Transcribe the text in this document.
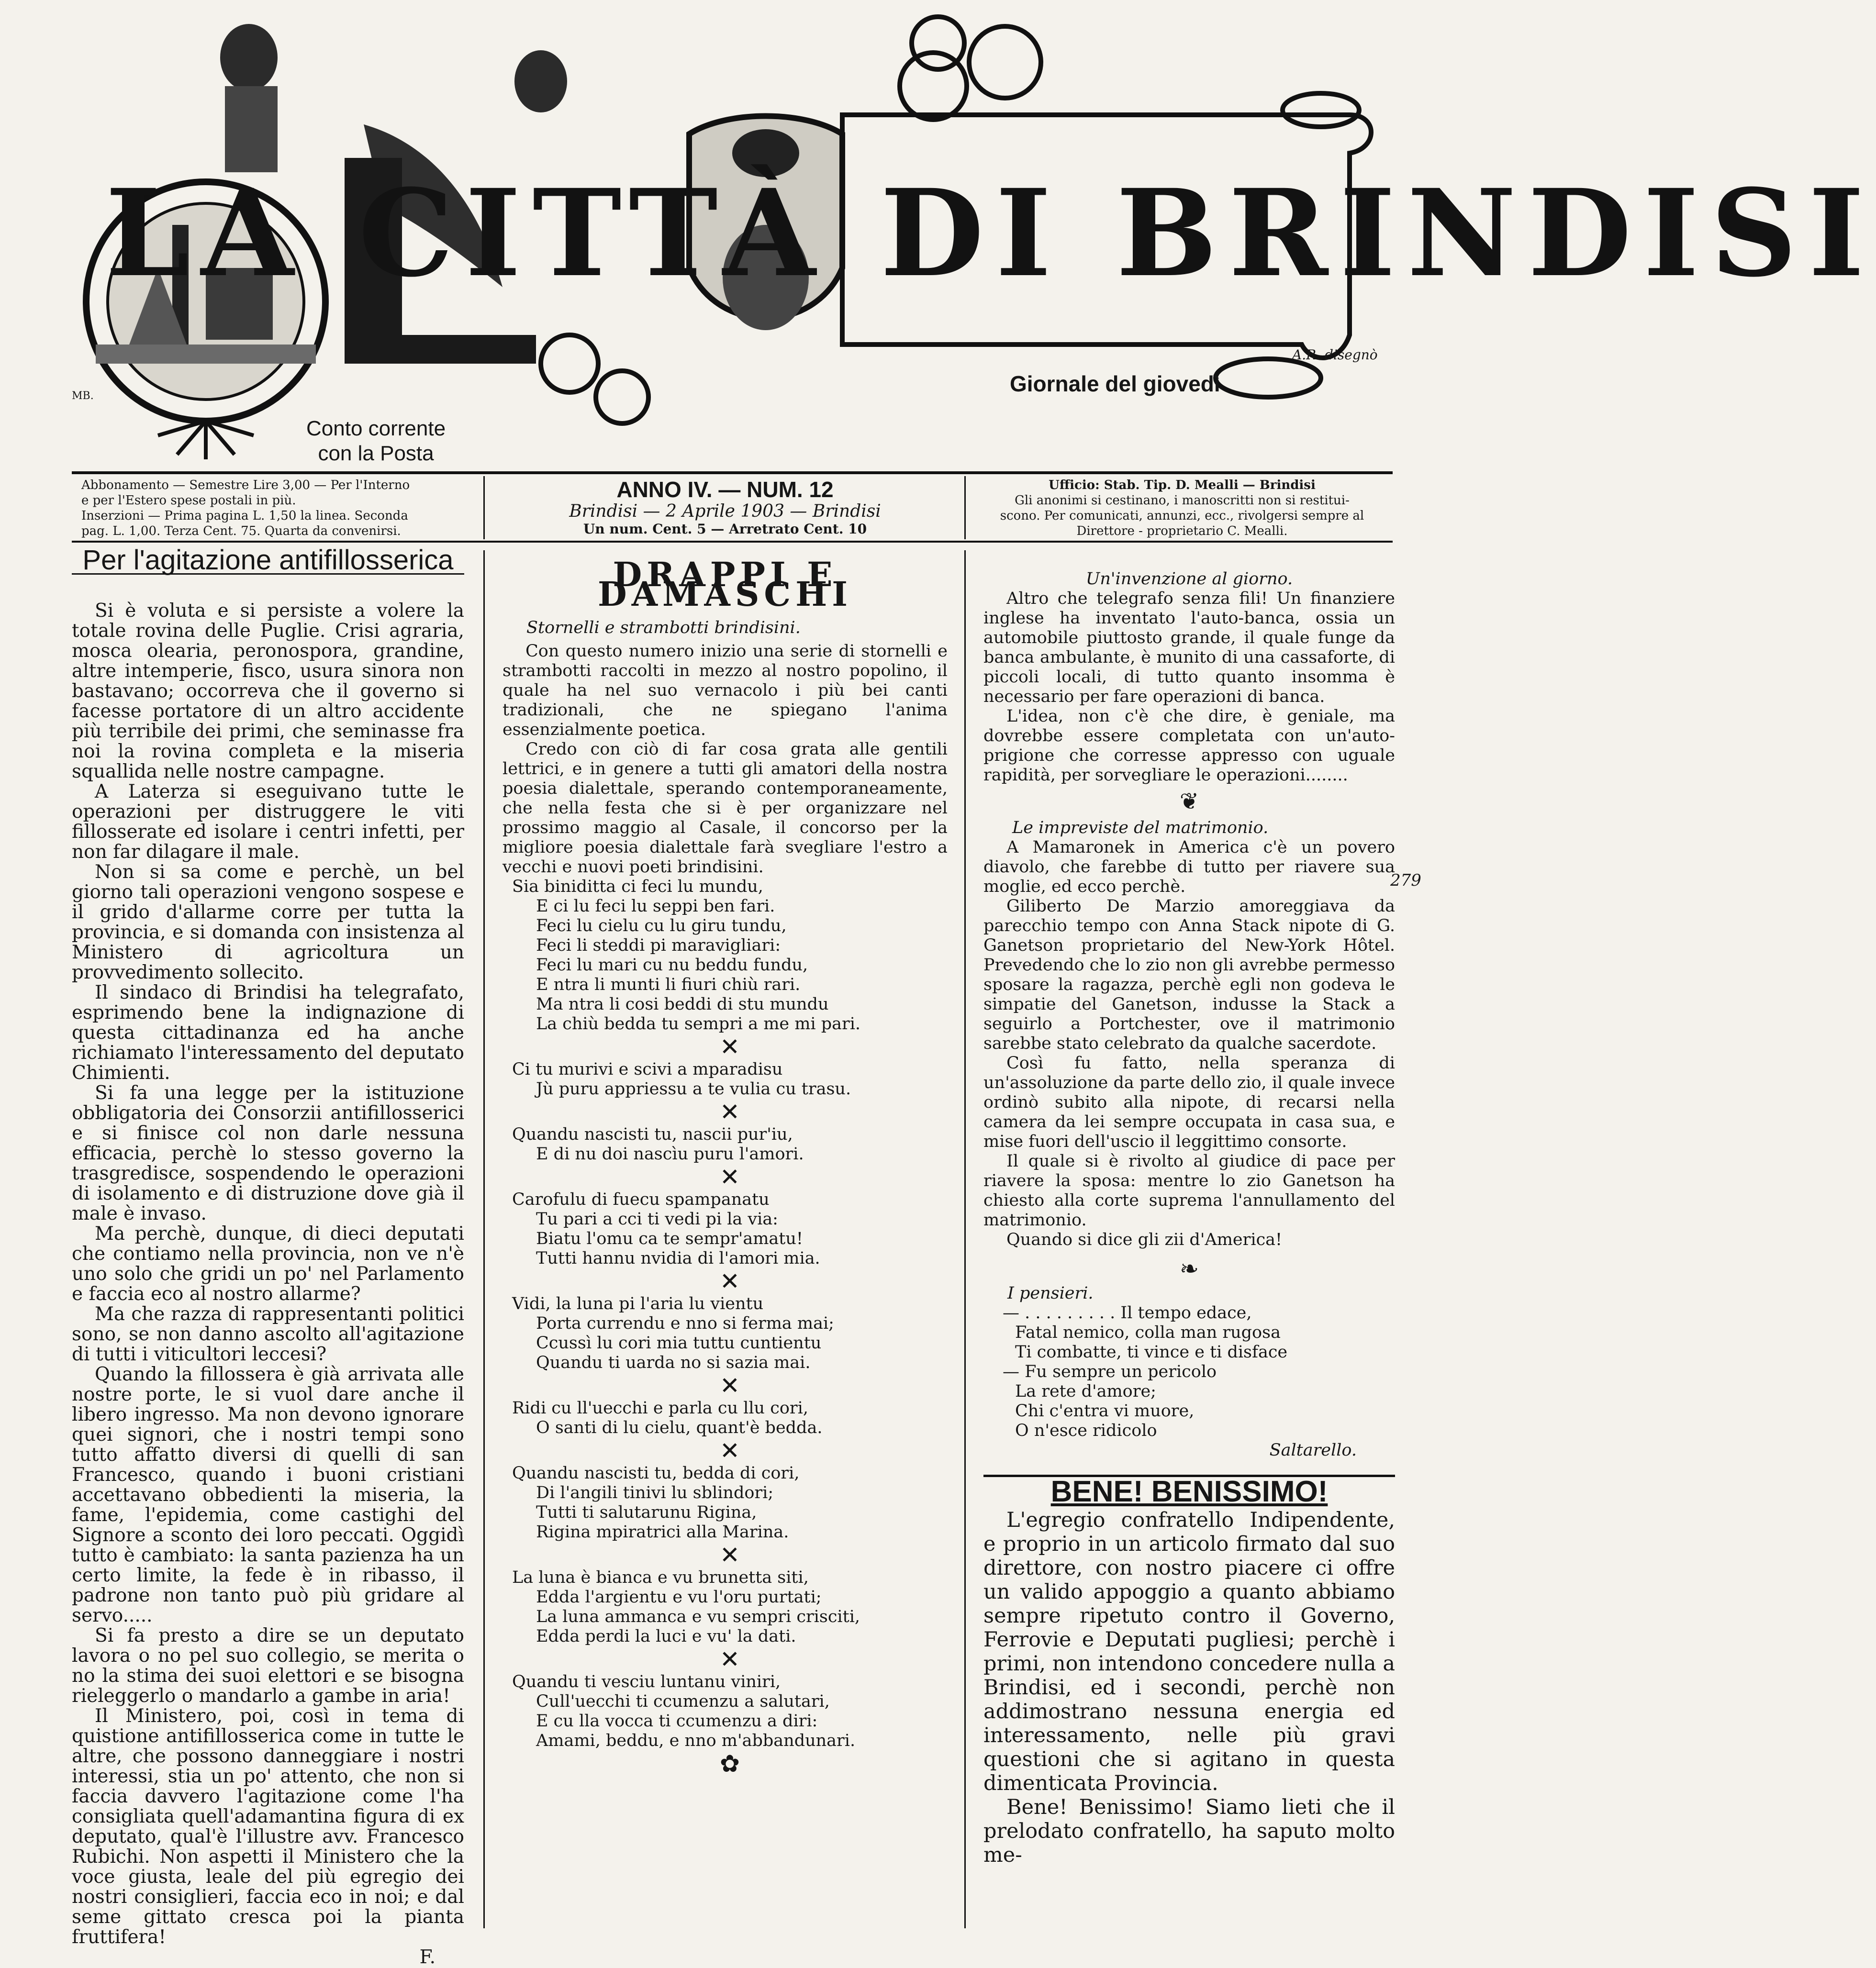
LA CITTÀ DI BRINDISI
Giornale del giovedì
A.R. disegnò
MB.
Conto corrente
con la Posta
Abbonamento — Semestre Lire 3,00 — Per l'Interno
e per l'Estero spese postali in più.
Inserzioni — Prima pagina L. 1,50 la linea. Seconda
pag. L. 1,00. Terza Cent. 75. Quarta da convenirsi.
ANNO IV. — NUM. 12
Brindisi — 2 Aprile 1903 — Brindisi
Un num. Cent. 5 — Arretrato Cent. 10
Ufficio: Stab. Tip. D. Mealli — Brindisi
Gli anonimi si cestinano, i manoscritti non si restitui-
scono. Per comunicati, annunzi, ecc., rivolgersi sempre al
Direttore - proprietario C. Mealli.
Per l'agitazione antifillosserica

Si è voluta e si persiste a volere la totale rovina delle Puglie. Crisi agraria, mosca olearia, peronospora, grandine, altre intemperie, fisco, usura sinora non bastavano; occorreva che il governo si facesse portatore di un altro accidente più terribile dei primi, che seminasse fra noi la rovina completa e la miseria squallida nelle nostre campagne.

A Laterza si eseguivano tutte le operazioni per distruggere le viti fillosserate ed isolare i centri infetti, per non far dilagare il male.

Non si sa come e perchè, un bel giorno tali operazioni vengono sospese e il grido d'allarme corre per tutta la provincia, e si domanda con insistenza al Ministero di agricoltura un provvedimento sollecito.

Il sindaco di Brindisi ha telegrafato, esprimendo bene la indignazione di questa cittadinanza ed ha anche richiamato l'interessamento del deputato Chimienti.

Si fa una legge per la istituzione obbligatoria dei Consorzii antifillosserici e si finisce col non darle nessuna efficacia, perchè lo stesso governo la trasgredisce, sospendendo le operazioni di isolamento e di distruzione dove già il male è invaso.

Ma perchè, dunque, di dieci deputati che contiamo nella provincia, non ve n'è uno solo che gridi un po' nel Parlamento e faccia eco al nostro allarme?

Ma che razza di rappresentanti politici sono, se non danno ascolto all'agitazione di tutti i viticultori leccesi?

Quando la fillossera è già arrivata alle nostre porte, le si vuol dare anche il libero ingresso. Ma non devono ignorare quei signori, che i nostri tempi sono tutto affatto diversi di quelli di san Francesco, quando i buoni cristiani accettavano obbedienti la miseria, la fame, l'epidemia, come castighi del Signore a sconto dei loro peccati. Oggidì tutto è cambiato: la santa pazienza ha un certo limite, la fede è in ribasso, il padrone non tanto può più gridare al servo.....

Si fa presto a dire se un deputato lavora o no pel suo collegio, se merita o no la stima dei suoi elettori e se bisogna rieleggerlo o mandarlo a gambe in aria!

Il Ministero, poi, così in tema di quistione antifillosserica come in tutte le altre, che possono danneggiare i nostri interessi, stia un po' attento, che non si faccia davvero l'agitazione come l'ha consigliata quell'adamantina figura di ex deputato, qual'è l'illustre avv. Francesco Rubichi. Non aspetti il Ministero che la voce giusta, leale del più egregio dei nostri consiglieri, faccia eco in noi; e dal seme gittato cresca poi la pianta fruttifera!

F.
DRAPPI E DAMASCHI
Stornelli e strambotti brindisini.

Con questo numero inizio una serie di stornelli e strambotti raccolti in mezzo al nostro popolino, il quale ha nel suo vernacolo i più bei canti tradizionali, che ne spiegano l'anima essenzialmente poetica.

Credo con ciò di far cosa grata alle gentili lettrici, e in genere a tutti gli amatori della nostra poesia dialettale, sperando contemporaneamente, che nella festa che si è per organizzare nel prossimo maggio al Casale, il concorso per la migliore poesia dialettale farà svegliare l'estro a vecchi e nuovi poeti brindisini.

Sia biniditta ci feci lu mundu,
E ci lu feci lu seppi ben fari.
Feci lu cielu cu lu giru tundu,
Feci li steddi pi maravigliari:
Feci lu mari cu nu beddu fundu,
E ntra li munti li fiuri chiù rari.
Ma ntra li cosi beddi di stu mundu
La chiù bedda tu sempri a me mi pari.
✕
Ci tu murivi e scivi a mparadisu
Jù puru appriessu a te vulia cu trasu.
✕
Quandu nascisti tu, nascii pur'iu,
E di nu doi nascìu puru l'amori.
✕
Carofulu di fuecu spampanatu
Tu pari a cci ti vedi pi la via:
Biatu l'omu ca te sempr'amatu!
Tutti hannu nvidia di l'amori mia.
✕
Vidi, la luna pi l'aria lu vientu
Porta currendu e nno si ferma mai;
Ccussì lu cori mia tuttu cuntientu
Quandu ti uarda no si sazia mai.
✕
Ridi cu ll'uecchi e parla cu llu cori,
O santi di lu cielu, quant'è bedda.
✕
Quandu nascisti tu, bedda di cori,
Di l'angili tinivi lu sblindori;
Tutti ti salutarunu Rigina,
Rigina mpiratrici alla Marina.
✕
La luna è bianca e vu brunetta siti,
Edda l'argientu e vu l'oru purtati;
La luna ammanca e vu sempri crisciti,
Edda perdi la luci e vu' la dati.
✕
Quandu ti vesciu luntanu viniri,
Cull'uecchi ti ccumenzu a salutari,
E cu lla vocca ti ccumenzu a diri:
Amami, beddu, e nno m'abbandunari.
✿
Un'invenzione al giorno.

Altro che telegrafo senza fili! Un finanziere inglese ha inventato l'auto-banca, ossia un automobile piuttosto grande, il quale funge da banca ambulante, è munito di una cassaforte, di piccoli locali, di tutto quanto insomma è necessario per fare operazioni di banca.

L'idea, non c'è che dire, è geniale, ma dovrebbe essere completata con un'auto-prigione che corresse appresso con uguale rapidità, per sorvegliare le operazioni........

❦
Le impreviste del matrimonio.

A Mamaronek in America c'è un povero diavolo, che farebbe di tutto per riavere sua moglie, ed ecco perchè.

Giliberto De Marzio amoreggiava da parecchio tempo con Anna Stack nipote di G. Ganetson proprietario del New-York Hôtel. Prevedendo che lo zio non gli avrebbe permesso sposare la ragazza, perchè egli non godeva le simpatie del Ganetson, indusse la Stack a seguirlo a Portchester, ove il matrimonio sarebbe stato celebrato da qualche sacerdote.

Così fu fatto, nella speranza di un'assoluzione da parte dello zio, il quale invece ordinò subito alla nipote, di recarsi nella camera da lei sempre occupata in casa sua, e mise fuori dell'uscio il leggittimo consorte.

Il quale si è rivolto al giudice di pace per riavere la sposa: mentre lo zio Ganetson ha chiesto alla corte suprema l'annullamento del matrimonio.

Quando si dice gli zii d'America!

❧
I pensieri.
— . . . . . . . . . Il tempo edace,
Fatal nemico, colla man rugosa
Ti combatte, ti vince e ti disface
— Fu sempre un pericolo
La rete d'amore;
Chi c'entra vi muore,
O n'esce ridicolo
Saltarello.
BENE! BENISSIMO!

L'egregio confratello Indipendente, e proprio in un articolo firmato dal suo direttore, con nostro piacere ci offre un valido appoggio a quanto abbiamo sempre ripetuto contro il Governo, Ferrovie e Deputati pugliesi; perchè i primi, non intendono concedere nulla a Brindisi, ed i secondi, perchè non addimostrano nessuna energia ed interessamento, nelle più gravi questioni che si agitano in questa dimenticata Provincia.

Bene! Benissimo! Siamo lieti che il prelodato confratello, ha saputo molto me-

279
